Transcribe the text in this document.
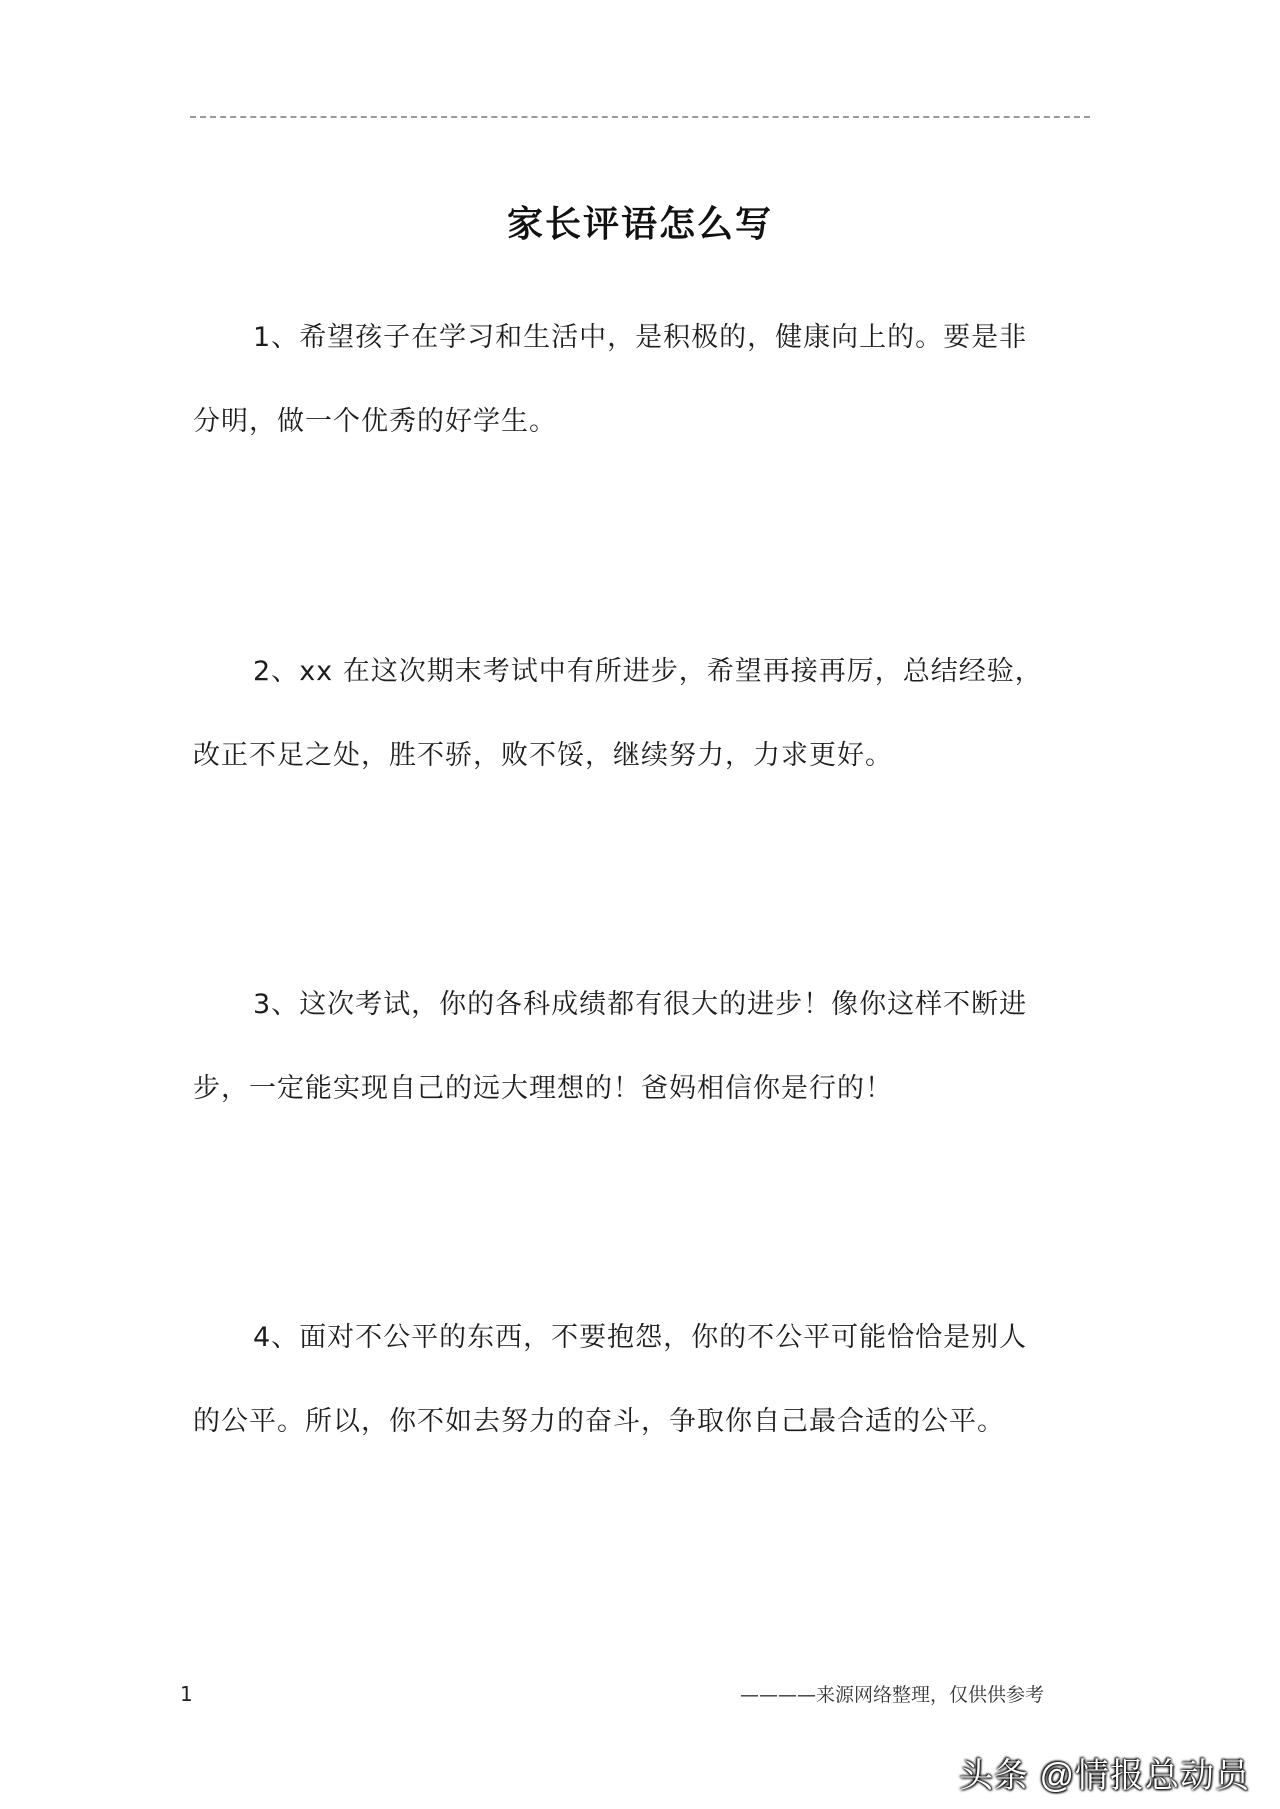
家长评语怎么写
1、希望孩子在学习和生活中，是积极的，健康向上的。要是非
分明，做一个优秀的好学生。
2、xx 在这次期末考试中有所进步，希望再接再厉，总结经验，
改正不足之处，胜不骄，败不馁，继续努力，力求更好。
3、这次考试，你的各科成绩都有很大的进步！像你这样不断进
步，一定能实现自己的远大理想的！爸妈相信你是行的！
4、面对不公平的东西，不要抱怨，你的不公平可能恰恰是别人
的公平。所以，你不如去努力的奋斗，争取你自己最合适的公平。
1	————来源网络整理，仅供供参考
头条 @情报总动员
